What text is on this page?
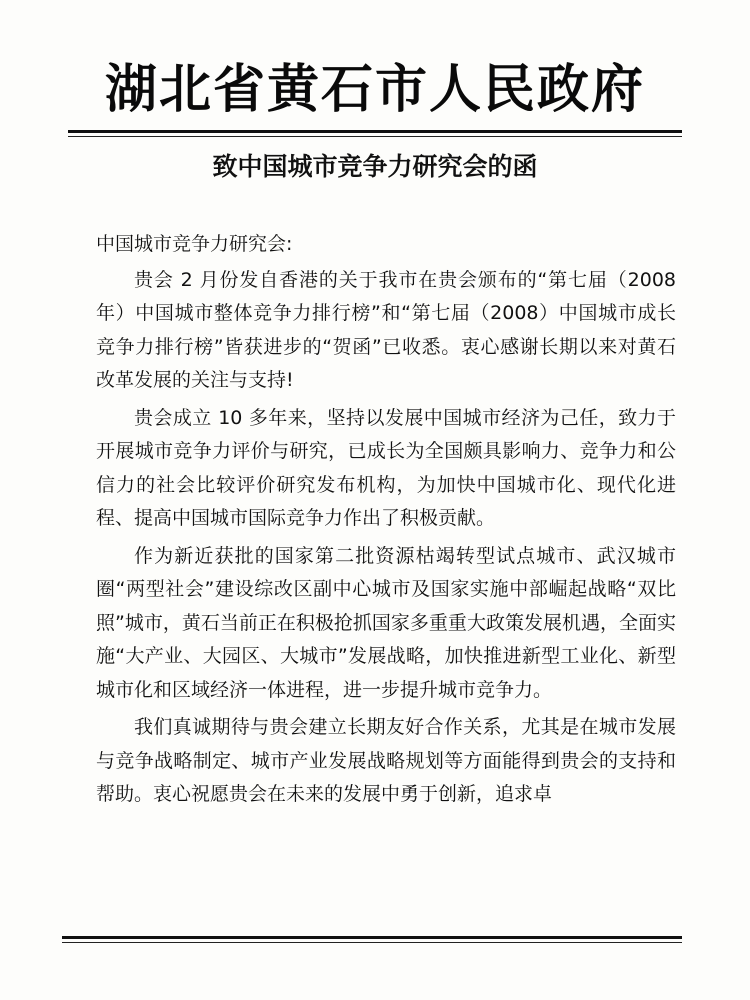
湖北省黄石市人民政府
致中国城市竞争力研究会的函

中国城市竞争力研究会:

贵会 2 月份发自香港的关于我市在贵会颁布的“第七届（2008 年）中国城市整体竞争力排行榜”和“第七届（2008）中国城市成长竞争力排行榜”皆获进步的“贺函”已收悉。衷心感谢长期以来对黄石改革发展的关注与支持!

贵会成立 10 多年来，坚持以发展中国城市经济为己任，致力于开展城市竞争力评价与研究，已成长为全国颇具影响力、竞争力和公信力的社会比较评价研究发布机构，为加快中国城市化、现代化进程、提高中国城市国际竞争力作出了积极贡献。

作为新近获批的国家第二批资源枯竭转型试点城市、武汉城市圈“两型社会”建设综改区副中心城市及国家实施中部崛起战略“双比照”城市，黄石当前正在积极抢抓国家多重重大政策发展机遇，全面实施“大产业、大园区、大城市”发展战略，加快推进新型工业化、新型城市化和区域经济一体进程，进一步提升城市竞争力。

我们真诚期待与贵会建立长期友好合作关系，尤其是在城市发展与竞争战略制定、城市产业发展战略规划等方面能得到贵会的支持和帮助。衷心祝愿贵会在未来的发展中勇于创新，追求卓
